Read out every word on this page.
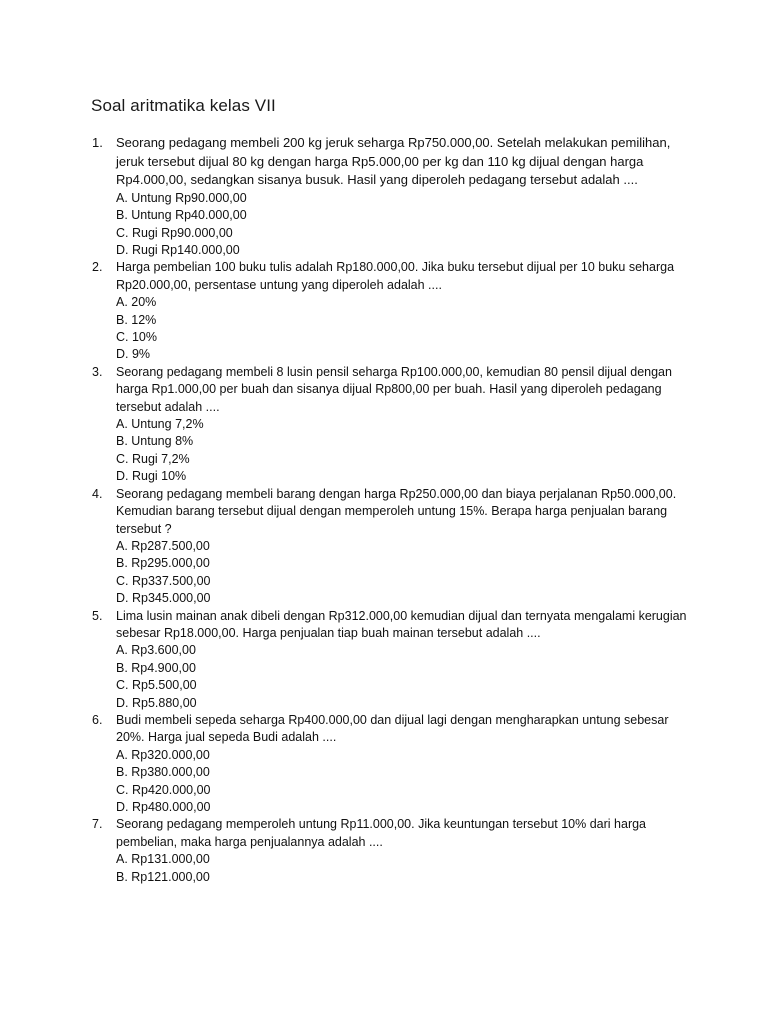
Soal aritmatika kelas VII
1.	Seorang pedagang membeli 200 kg jeruk seharga Rp750.000,00. Setelah melakukan pemilihan, jeruk tersebut dijual 80 kg dengan harga Rp5.000,00 per kg dan 110 kg dijual dengan harga Rp4.000,00, sedangkan sisanya busuk. Hasil yang diperoleh pedagang tersebut adalah ....

A. Untung Rp90.000,00
B. Untung Rp40.000,00
C. Rugi Rp90.000,00
D. Rugi Rp140.000,00
2.	Harga pembelian 100 buku tulis adalah Rp180.000,00. Jika buku tersebut dijual per 10 buku seharga Rp20.000,00, persentase untung yang diperoleh adalah ....

A. 20%
B. 12%
C. 10%
D. 9%
3.	Seorang pedagang membeli 8 lusin pensil seharga Rp100.000,00, kemudian 80 pensil dijual dengan harga Rp1.000,00 per buah dan sisanya dijual Rp800,00 per buah. Hasil yang diperoleh pedagang tersebut adalah ....

A. Untung 7,2%
B. Untung 8%
C. Rugi 7,2%
D. Rugi 10%
4.	Seorang pedagang membeli barang dengan harga Rp250.000,00 dan biaya perjalanan Rp50.000,00. Kemudian barang tersebut dijual dengan memperoleh untung 15%. Berapa harga penjualan barang tersebut ?

A. Rp287.500,00
B. Rp295.000,00
C. Rp337.500,00
D. Rp345.000,00
5.	Lima lusin mainan anak dibeli dengan Rp312.000,00 kemudian dijual dan ternyata mengalami kerugian sebesar Rp18.000,00. Harga penjualan tiap buah mainan tersebut adalah ....

A. Rp3.600,00
B. Rp4.900,00
C. Rp5.500,00
D. Rp5.880,00
6.	Budi membeli sepeda seharga Rp400.000,00 dan dijual lagi dengan mengharapkan untung sebesar 20%. Harga jual sepeda Budi adalah ....

A. Rp320.000,00
B. Rp380.000,00
C. Rp420.000,00
D. Rp480.000,00
7.	Seorang pedagang memperoleh untung Rp11.000,00. Jika keuntungan tersebut 10% dari harga pembelian, maka harga penjualannya adalah ....

A. Rp131.000,00
B. Rp121.000,00
